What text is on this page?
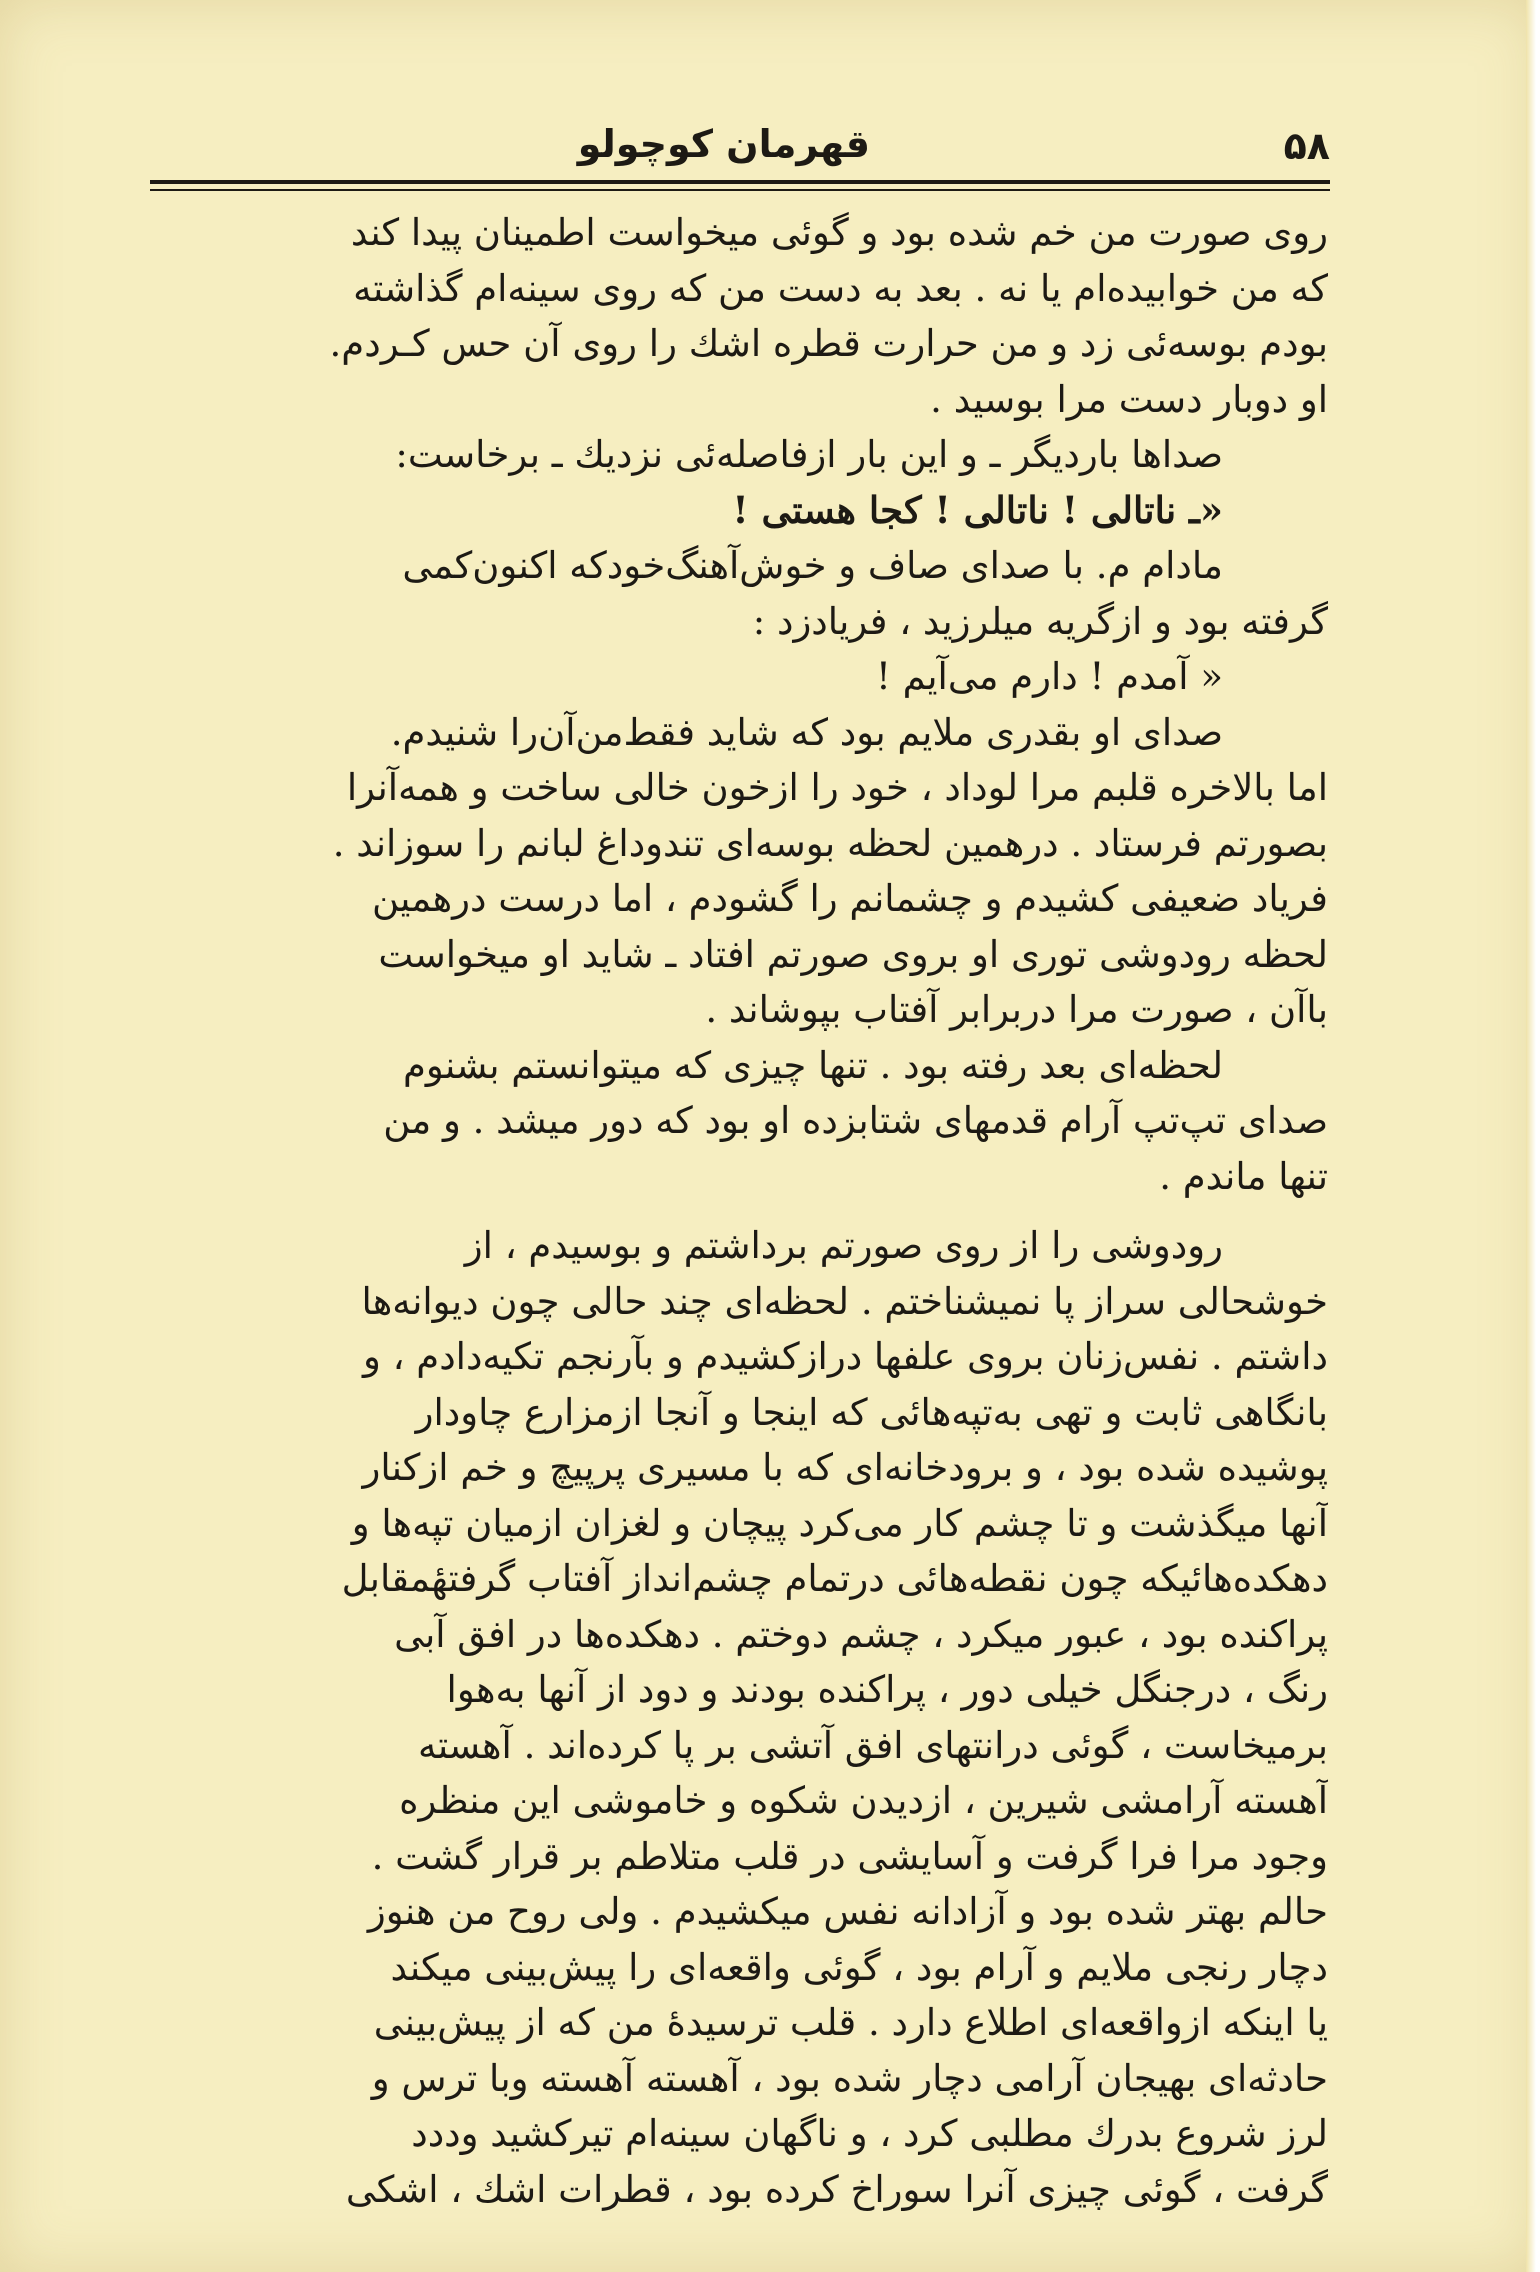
۵۸
قهرمان کوچولو
روی صورت من خم شده بود و گوئی میخواست اطمینان پیدا کند
که من خوابیده‌ام یا نه . بعد به دست من که روی سینه‌ام گذاشته
بودم بوسه‌ئی زد و من حرارت قطره اشك را روی آن حس کـردم.
او دوبار دست مرا بوسید .
صداها باردیگر ـ و این بار ازفاصله‌ئی نزدیك ـ برخاست:
«ـ ناتالی ! ناتالی ! کجا هستی !
مادام م. با صدای صاف و خوش‌آهنگ‌خودکه اکنون‌کمی
گرفته بود و ازگریه میلرزید ، فریادزد :
« آمدم ! دارم می‌آیم !
صدای او بقدری ملایم بود که شاید فقط‌من‌آن‌را شنیدم.
اما بالاخره قلبم مرا لوداد ، خود را ازخون خالی ساخت و همه‌آنرا
بصورتم فرستاد . درهمین لحظه بوسه‌ای تندوداغ لبانم را سوزاند .
فریاد ضعیفی کشیدم و چشمانم را گشودم ، اما درست درهمین
لحظه رودوشی توری او بروی صورتم افتاد ـ شاید او میخواست
باآن ، صورت مرا دربرابر آفتاب بپوشاند .
لحظه‌ای بعد رفته بود . تنها چیزی که میتوانستم بشنوم
صدای تپ‌تپ آرام قدمهای شتابزده او بود که دور میشد . و من
تنها ماندم .
رودوشی را از روی صورتم برداشتم و بوسیدم ، از
خوشحالی سراز پا نمیشناختم . لحظه‌ای چند حالی چون دیوانه‌ها
داشتم . نفس‌زنان بروی علفها درازکشیدم و بآرنجم تکیه‌دادم ، و
بانگاهی ثابت و تهی به‌تپه‌هائی که اینجا و آنجا ازمزارع چاودار
پوشیده شده بود ، و برودخانه‌ای که با مسیری پرپیچ و خم ازکنار
آنها میگذشت و تا چشم کار می‌کرد پیچان و لغزان ازمیان تپه‌ها و
دهکده‌هائیکه چون نقطه‌هائی درتمام چشم‌انداز آفتاب گرفتهٔمقابل
پراکنده بود ، عبور میکرد ، چشم دوختم . دهکده‌ها در افق آبی
رنگ ، درجنگل خیلی دور ، پراکنده بودند و دود از آنها به‌هوا
برمیخاست ، گوئی درانتهای افق آتشی بر پا کرده‌اند . آهسته
آهسته آرامشی شیرین ، ازدیدن شکوه و خاموشی این منظره
وجود مرا فرا گرفت و آسایشی در قلب متلاطم بر قرار گشت .
حالم بهتر شده بود و آزادانه نفس میکشیدم . ولی روح من هنوز
دچار رنجی ملایم و آرام بود ، گوئی واقعه‌ای را پیش‌بینی میکند
یا اینکه ازواقعه‌ای اطلاع دارد . قلب ترسیدهٔ من که از پیش‌بینی
حادثه‌ای بهیجان آرامی دچار شده بود ، آهسته آهسته وبا ترس و
لرز شروع بدرك مطلبی کرد ، و ناگهان سینه‌ام تیرکشید وددد
گرفت ، گوئی چیزی آنرا سوراخ کرده بود ، قطرات اشك ، اشکی
